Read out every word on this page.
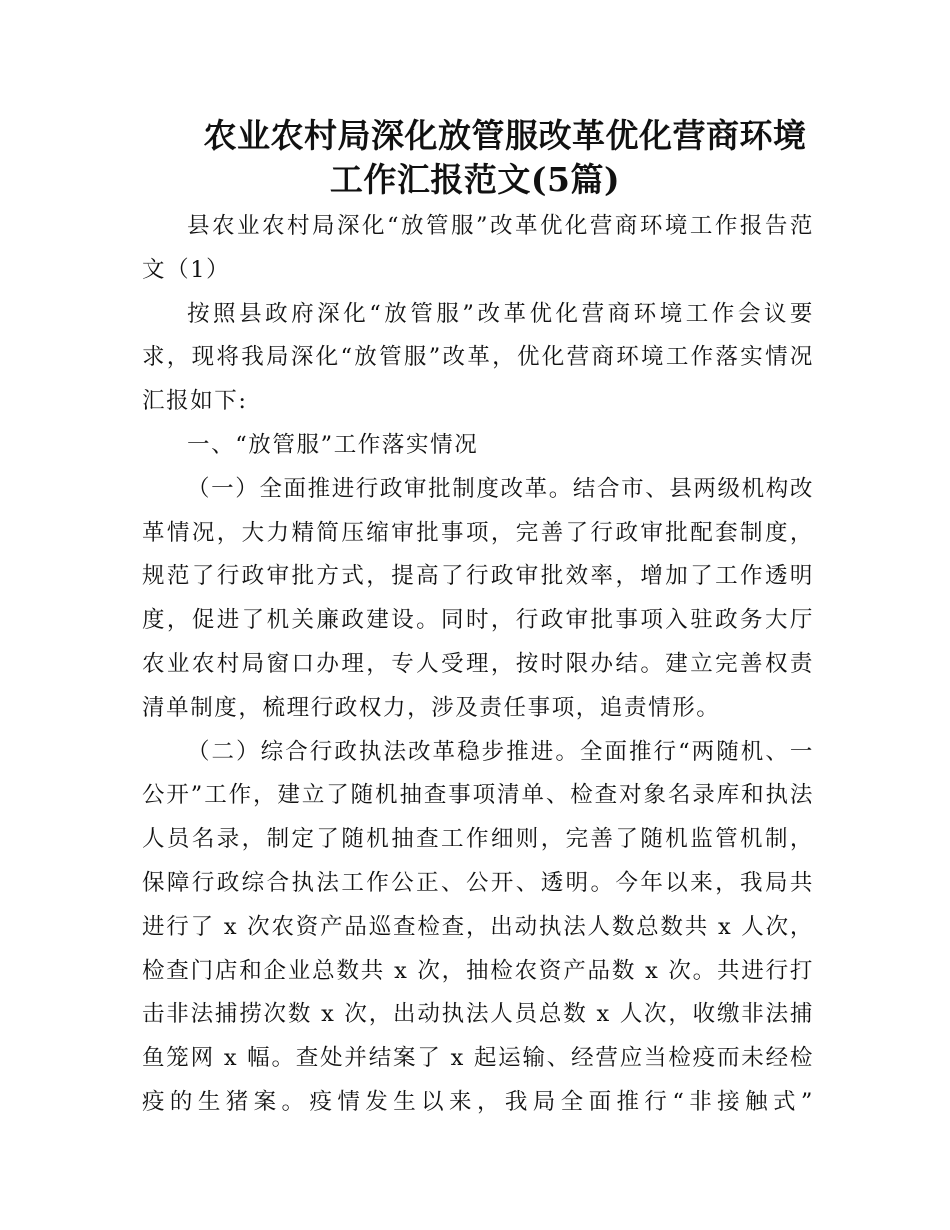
农业农村局深化放管服改革优化营商环境
工作汇报范文(5篇)

县农业农村局深化“放管服”改革优化营商环境工作报告范文（1）

按照县政府深化“放管服”改革优化营商环境工作会议要求，现将我局深化“放管服”改革，优化营商环境工作落实情况汇报如下:

一、“放管服”工作落实情况

（一）全面推进行政审批制度改革。结合市、县两级机构改革情况，大力精简压缩审批事项，完善了行政审批配套制度，规范了行政审批方式，提高了行政审批效率，增加了工作透明度，促进了机关廉政建设。同时，行政审批事项入驻政务大厅农业农村局窗口办理，专人受理，按时限办结。建立完善权责清单制度，梳理行政权力，涉及责任事项，追责情形。

（二）综合行政执法改革稳步推进。全面推行“两随机、一公开”工作，建立了随机抽查事项清单、检查对象名录库和执法人员名录，制定了随机抽查工作细则，完善了随机监管机制，保障行政综合执法工作公正、公开、透明。今年以来，我局共进行了 x 次农资产品巡查检查，出动执法人数总数共 x 人次，检查门店和企业总数共 x 次，抽检农资产品数 x 次。共进行打击非法捕捞次数 x 次，出动执法人员总数 x 人次，收缴非法捕鱼笼网 x 幅。查处并结案了 x 起运输、经营应当检疫而未经检疫的生猪案。疫情发生以来，我局全面推行“非接触式”
